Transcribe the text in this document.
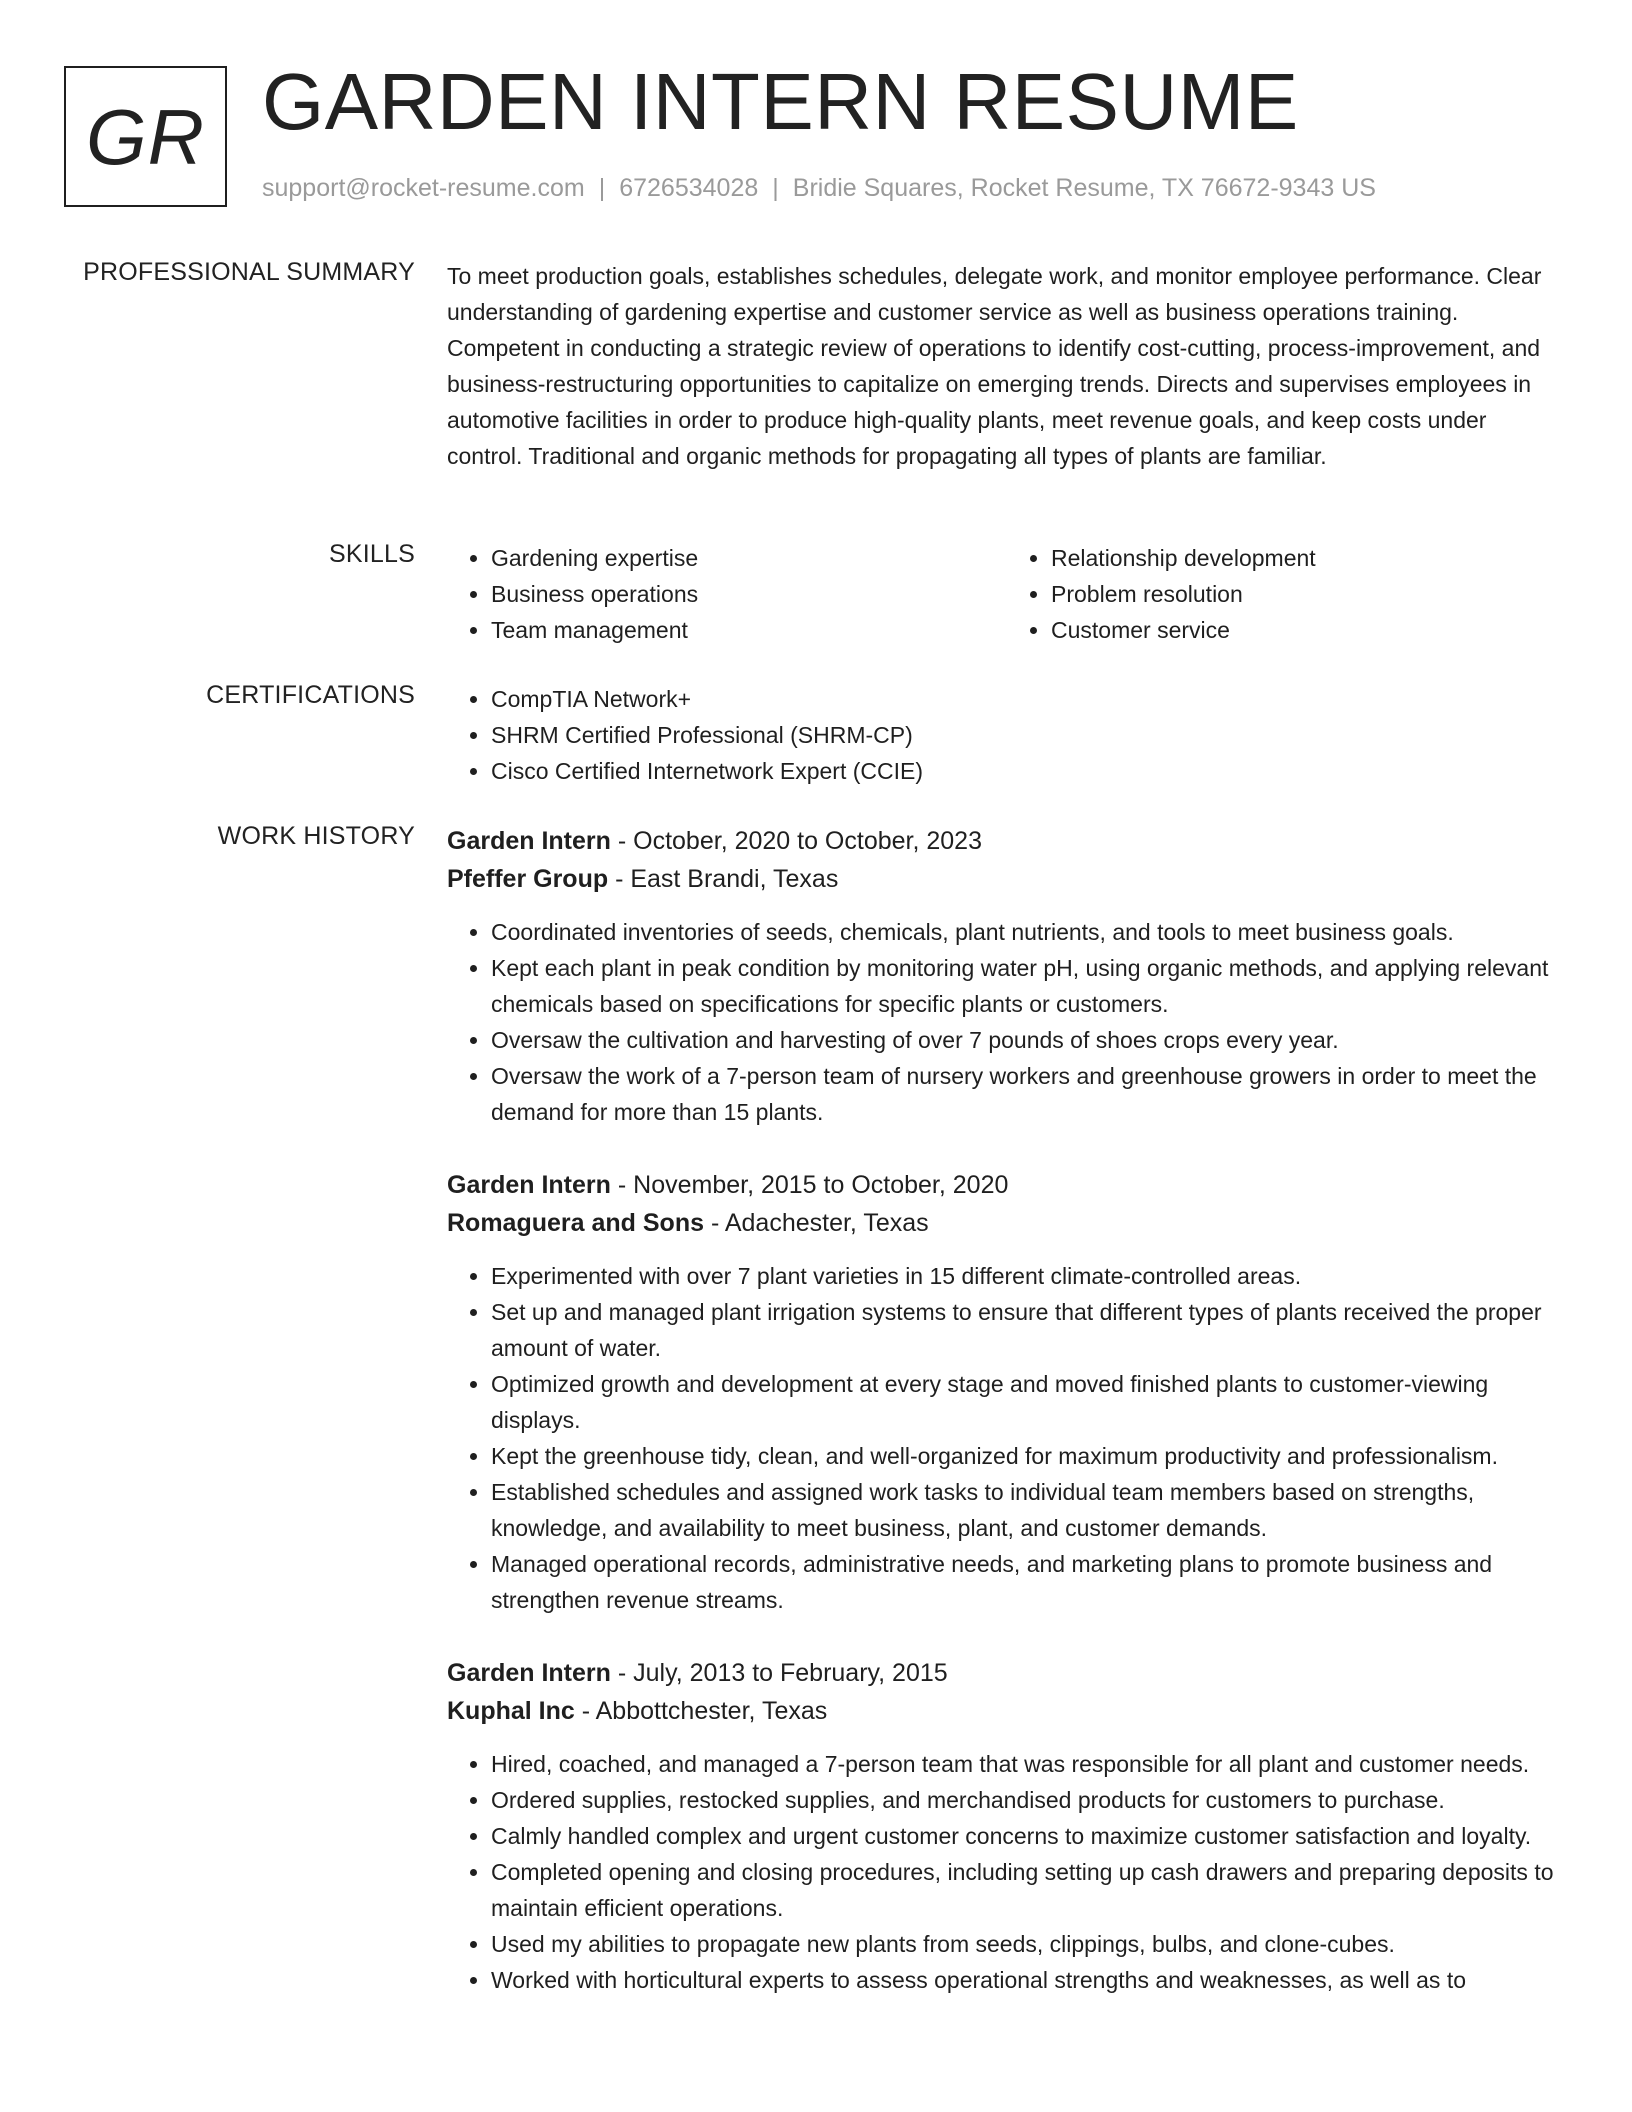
GR GARDEN INTERN RESUME
support@rocket-resume.com | 6726534028 | Bridie Squares, Rocket Resume, TX 76672-9343 US
PROFESSIONAL SUMMARY To meet production goals, establishes schedules, delegate work, and monitor employee performance. Clear understanding of gardening expertise and customer service as well as business operations training. Competent in conducting a strategic review of operations to identify cost-cutting, process-improvement, and business-restructuring opportunities to capitalize on emerging trends. Directs and supervises employees in automotive facilities in order to produce high-quality plants, meet revenue goals, and keep costs under control. Traditional and organic methods for propagating all types of plants are familiar.

SKILLS	• Gardening expertise
• Business operations
• Team management
• Relationship development
• Problem resolution
• Customer service
CERTIFICATIONS	• CompTIA Network+
• SHRM Certified Professional (SHRM-CP)
• Cisco Certified Internetwork Expert (CCIE)
WORK HISTORY Garden Intern - October, 2020 to October, 2023
Pfeffer Group - East Brandi, Texas
• Coordinated inventories of seeds, chemicals, plant nutrients, and tools to meet business goals.
• Kept each plant in peak condition by monitoring water pH, using organic methods, and applying relevant chemicals based on specifications for specific plants or customers.
• Oversaw the cultivation and harvesting of over 7 pounds of shoes crops every year.
• Oversaw the work of a 7-person team of nursery workers and greenhouse growers in order to meet the demand for more than 15 plants.
Garden Intern - November, 2015 to October, 2020
Romaguera and Sons - Adachester, Texas
• Experimented with over 7 plant varieties in 15 different climate-controlled areas.
• Set up and managed plant irrigation systems to ensure that different types of plants received the proper amount of water.
• Optimized growth and development at every stage and moved finished plants to customer-viewing displays.
• Kept the greenhouse tidy, clean, and well-organized for maximum productivity and professionalism.
• Established schedules and assigned work tasks to individual team members based on strengths, knowledge, and availability to meet business, plant, and customer demands.
• Managed operational records, administrative needs, and marketing plans to promote business and strengthen revenue streams.
Garden Intern - July, 2013 to February, 2015
Kuphal Inc - Abbottchester, Texas
• Hired, coached, and managed a 7-person team that was responsible for all plant and customer needs.
• Ordered supplies, restocked supplies, and merchandised products for customers to purchase.
• Calmly handled complex and urgent customer concerns to maximize customer satisfaction and loyalty.
• Completed opening and closing procedures, including setting up cash drawers and preparing deposits to maintain efficient operations.
• Used my abilities to propagate new plants from seeds, clippings, bulbs, and clone-cubes.
• Worked with horticultural experts to assess operational strengths and weaknesses, as well as to
